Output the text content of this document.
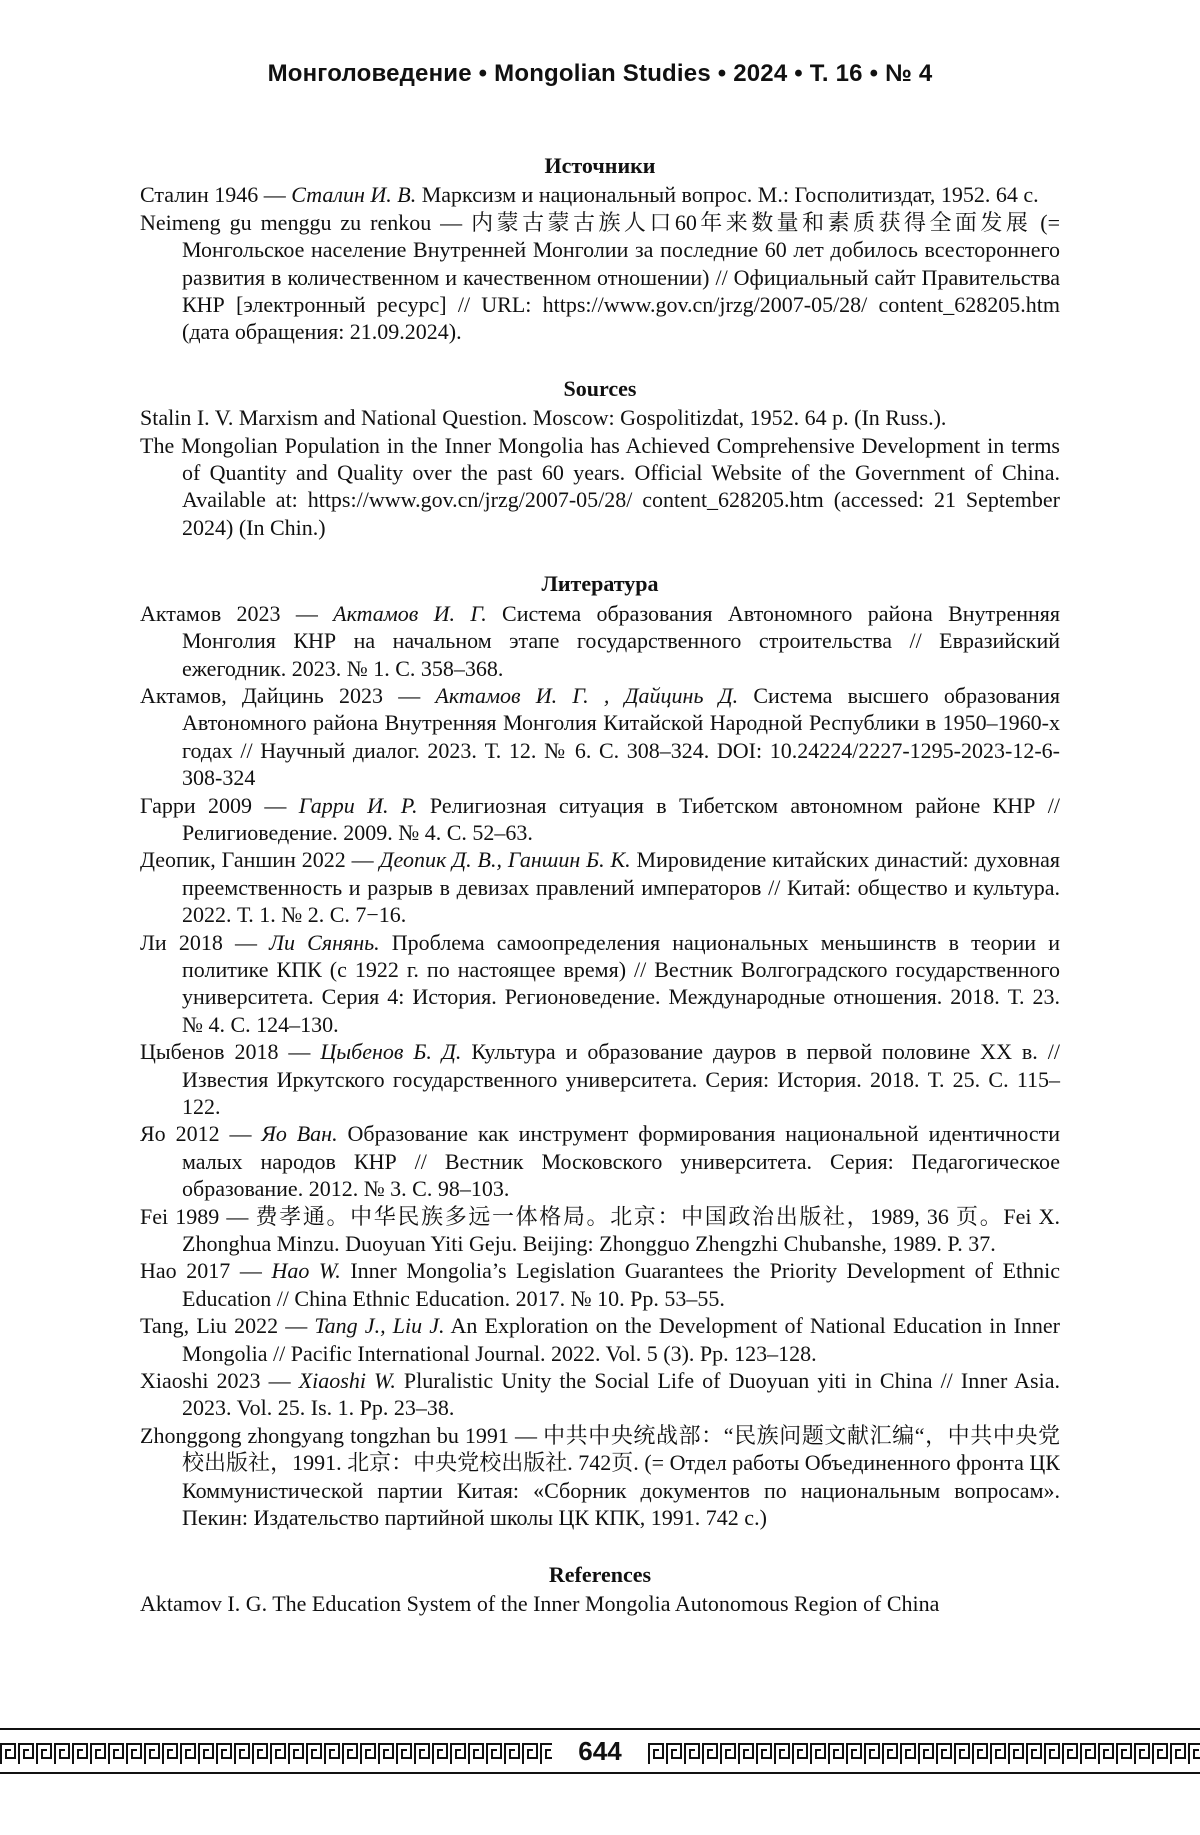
Монголоведение • Mongolian Studies • 2024 • Т. 16 • № 4
Источники

Сталин 1946 — Сталин И. В. Марксизм и национальный вопрос. М.: Госполитиздат, 1952. 64 с.

Neimeng gu menggu zu renkou — 内蒙古蒙古族人口60年来数量和素质获得全面发展 (= Монгольское население Внутренней Монголии за последние 60 лет добилось всестороннего развития в количественном и качественном отношении) // Официальный сайт Правительства КНР [электронный ресурс] // URL: https://www.gov.cn/jrzg/2007-05/28/ content_628205.htm (дата обращения: 21.09.2024).

Sources

Stalin I. V. Marxism and National Question. Moscow: Gospolitizdat, 1952. 64 p. (In Russ.).

The Mongolian Population in the Inner Mongolia has Achieved Comprehensive Development in terms of Quantity and Quality over the past 60 years. Official Website of the Government of China. Available at: https://www.gov.cn/jrzg/2007-05/28/ content_628205.htm (accessed: 21 September 2024) (In Chin.)

Литература

Актамов 2023 — Актамов И. Г. Система образования Автономного района Внутренняя Монголия КНР на начальном этапе государственного строительства // Евразийский ежегодник. 2023. № 1. С. 358–368.

Актамов, Дайцинь 2023 — Актамов И. Г. , Дайцинь Д. Система высшего образования Автономного района Внутренняя Монголия Китайской Народной Республики в 1950–1960-х годах // Научный диалог. 2023. Т. 12. № 6. С. 308–324. DOI: 10.24224/2227-1295-2023-12-6-308-324

Гарри 2009 — Гарри И. Р. Религиозная ситуация в Тибетском автономном районе КНР // Религиоведение. 2009. № 4. С. 52–63.

Деопик, Ганшин 2022 — Деопик Д. В., Ганшин Б. К. Мировидение китайских династий: духовная преемственность и разрыв в девизах правлений императоров // Китай: общество и культура. 2022. Т. 1. № 2. С. 7−16.

Ли 2018 — Ли Сянянь. Проблема самоопределения национальных меньшинств в теории и политике КПК (с 1922 г. по настоящее время) // Вестник Волгоградского государственного университета. Серия 4: История. Регионоведение. Международные отношения. 2018. Т. 23. № 4. С. 124–130.

Цыбенов 2018 — Цыбенов Б. Д. Культура и образование дауров в первой половине XX в. // Известия Иркутского государственного университета. Серия: История. 2018. Т. 25. С. 115–122.

Яо 2012 — Яо Ван. Образование как инструмент формирования национальной идентичности малых народов КНР // Вестник Московского университета. Серия: Педагогическое образование. 2012. № 3. С. 98–103.

Fei 1989 — 费孝通。中华民族多远一体格局。北京：中国政治出版社，1989, 36 页。Fei X. Zhonghua Minzu. Duoyuan Yiti Geju. Beijing: Zhongguo Zhengzhi Chubanshe, 1989. P. 37.

Hao 2017 — Hao W. Inner Mongolia’s Legislation Guarantees the Priority Development of Ethnic Education // China Ethnic Education. 2017. № 10. Pp. 53–55.

Tang, Liu 2022 — Tang J., Liu J. An Exploration on the Development of National Education in Inner Mongolia // Pacific International Journal. 2022. Vol. 5 (3). Pp. 123–128.

Xiaoshi 2023 — Xiaoshi W. Pluralistic Unity the Social Life of Duoyuan yiti in China // Inner Asia. 2023. Vol. 25. Is. 1. Pp. 23–38.

Zhonggong zhongyang tongzhan bu 1991 — 中共中央统战部：“民族问题文献汇编“，中共中央党校出版社，1991. 北京：中央党校出版社. 742页. (= Отдел работы Объединенного фронта ЦК Коммунистической партии Китая: «Сборник документов по национальным вопросам». Пекин: Издательство партийной школы ЦК КПК, 1991. 742 с.)

References

Aktamov I. G. The Education System of the Inner Mongolia Autonomous Region of China

644
